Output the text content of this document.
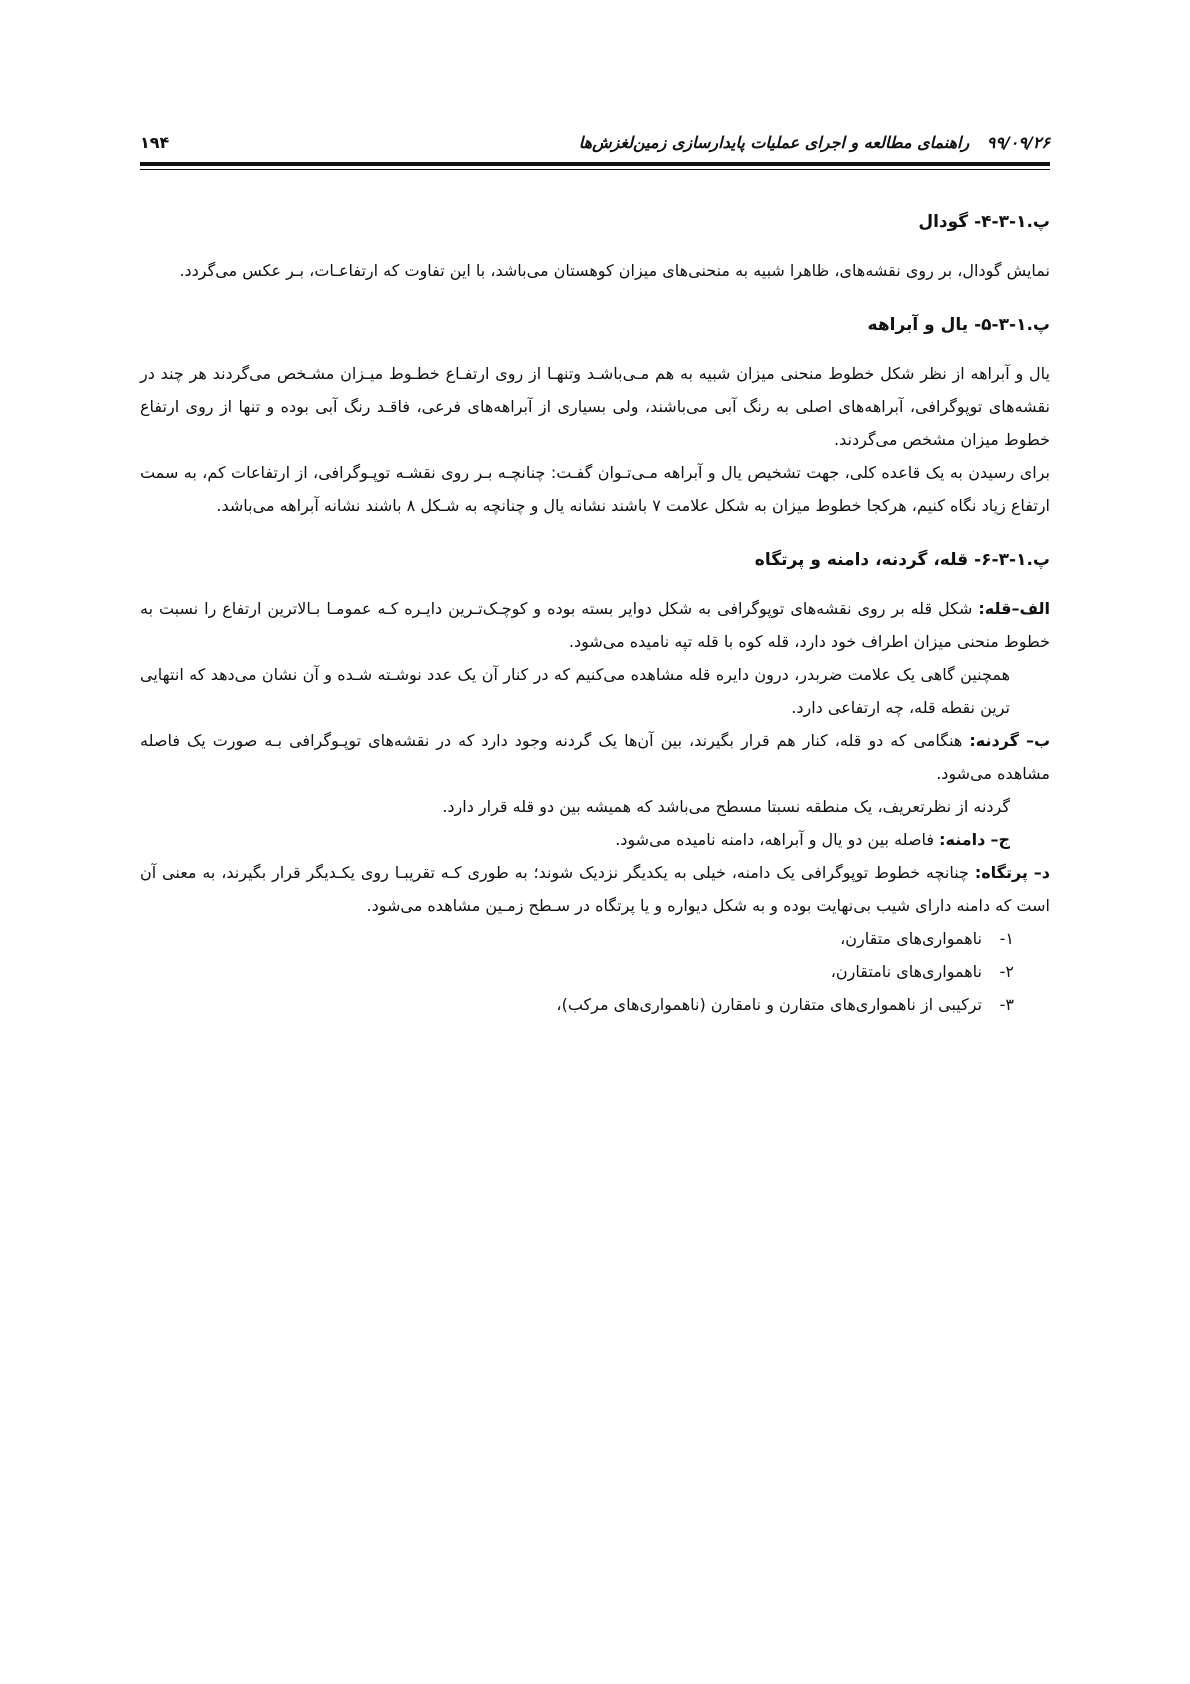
۱۹۴	۹۹/۰۹/۲۶ راهنمای مطالعه و اجرای عملیات پایدارسازی زمین‌لغزش‌ها
پ.۱-۳-۴- گودال

نمایش گودال، بر روی نقشه‌های، ظاهرا شبیه به منحنی‌های میزان کوهستان می‌باشد، با این تفاوت که ارتفاعـات، بـر عکس می‌گردد.

پ.۱-۳-۵- یال و آبراهه

یال و آبراهه از نظر شکل خطوط منحنی میزان شبیه به هم مـی‌باشـد وتنهـا از روی ارتفـاع خطـوط میـزان مشـخص می‌گردند هر چند در نقشه‌های توپوگرافی، آبراهه‌های اصلی به رنگ آبی می‌باشند، ولی بسیاری از آبراهه‌های فرعی، فاقـد رنگ آبی بوده و تنها از روی ارتفاع خطوط میزان مشخص می‌گردند.

برای رسیدن به یک قاعده کلی، جهت تشخیص یال و آبراهه مـی‌تـوان گفـت: چنانچـه بـر روی نقشـه توپـوگرافی، از ارتفاعات کم، به سمت ارتفاع زیاد نگاه کنیم، هرکجا خطوط میزان به شکل علامت ۷ باشند نشانه یال و چنانچه به شـکل ۸ باشند نشانه آبراهه می‌باشد.

پ.۱-۳-۶- قله، گردنه، دامنه و پرتگاه

الف–قله: شکل قله بر روی نقشه‌های توپوگرافی به شکل دوایر بسته بوده و کوچـک‌تـرین دایـره کـه عمومـا بـالاترین ارتفاع را نسبت به خطوط منحنی میزان اطراف خود دارد، قله کوه با قله تپه نامیده می‌شود.

همچنین گاهی یک علامت ضربدر، درون دایره قله مشاهده می‌کنیم که در کنار آن یک عدد نوشـته شـده و آن نشان می‌دهد که انتهایی ترین نقطه قله، چه ارتفاعی دارد.

ب– گردنه: هنگامی که دو قله، کنار هم قرار بگیرند، بین آن‌ها یک گردنه وجود دارد که در نقشه‌های توپـوگرافی بـه صورت یک فاصله مشاهده می‌شود.

گردنه از نظرتعریف، یک منطقه نسبتا مسطح می‌باشد که همیشه بین دو قله قرار دارد.

ج– دامنه: فاصله بین دو یال و آبراهه، دامنه نامیده می‌شود.

د– پرتگاه: چنانچه خطوط توپوگرافی یک دامنه، خیلی به یکدیگر نزدیک شوند؛ به طوری کـه تقریبـا روی یکـدیگر قرار بگیرند، به معنی آن است که دامنه دارای شیب بی‌نهایت بوده و به شکل دیواره و یا پرتگاه در سـطح زمـین مشاهده می‌شود.

۱-
ناهمواری‌های متقارن،
۲-
ناهمواری‌های نامتقارن،
۳-
ترکیبی از ناهمواری‌های متقارن و نامقارن (ناهمواری‌های مرکب)،
